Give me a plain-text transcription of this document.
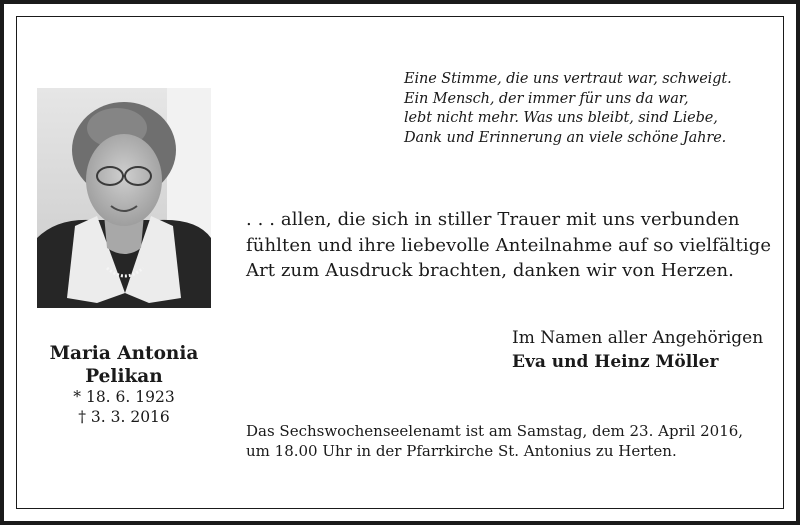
Eine Stimme, die uns vertraut war, schweigt.
Ein Mensch, der immer für uns da war,
lebt nicht mehr. Was uns bleibt, sind Liebe,
Dank und Erinnerung an viele schöne Jahre.
Maria Antonia
Pelikan
* 18. 6. 1923
† 3. 3. 2016
. . . allen, die sich in stiller Trauer mit uns verbunden
fühlten und ihre liebevolle Anteilnahme auf so vielfältige
Art zum Ausdruck brachten, danken wir von Herzen.
Im Namen aller Angehörigen
Eva und Heinz Möller
Das Sechswochenseelenamt ist am Samstag, dem 23. April 2016,
um 18.00 Uhr in der Pfarrkirche St. Antonius zu Herten.
